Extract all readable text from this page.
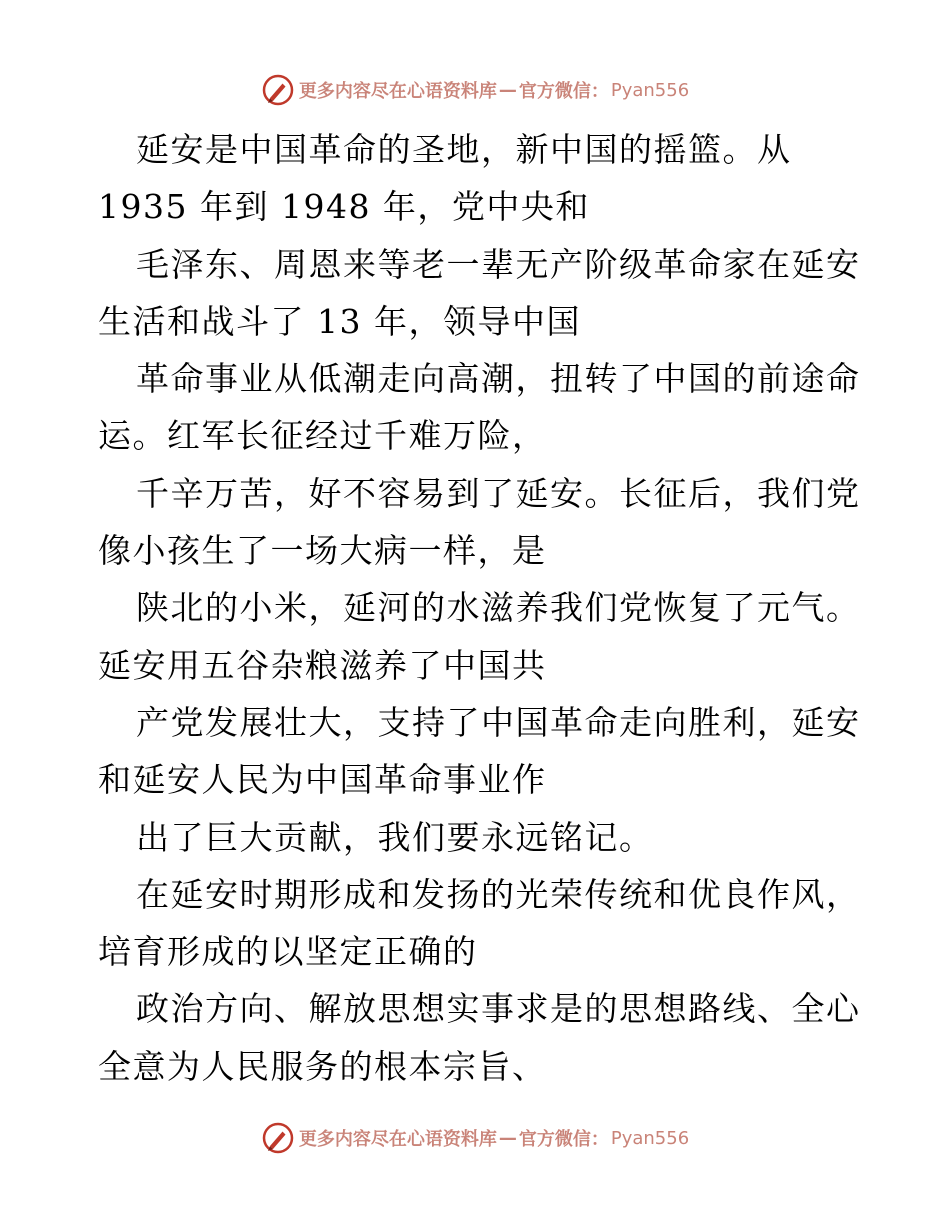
更多内容尽在心语资料库 — 官方微信： Pyan556
延安是中国革命的圣地，新中国的摇篮。从
1935 年到 1948 年，党中央和
毛泽东、周恩来等老一辈无产阶级革命家在延安
生活和战斗了 13 年，领导中国
革命事业从低潮走向高潮，扭转了中国的前途命
运。红军长征经过千难万险，
千辛万苦，好不容易到了延安。长征后，我们党
像小孩生了一场大病一样，是
陕北的小米，延河的水滋养我们党恢复了元气。
延安用五谷杂粮滋养了中国共
产党发展壮大，支持了中国革命走向胜利，延安
和延安人民为中国革命事业作
出了巨大贡献，我们要永远铭记。
在延安时期形成和发扬的光荣传统和优良作风，
培育形成的以坚定正确的
政治方向、解放思想实事求是的思想路线、全心
全意为人民服务的根本宗旨、
更多内容尽在心语资料库 — 官方微信： Pyan556
